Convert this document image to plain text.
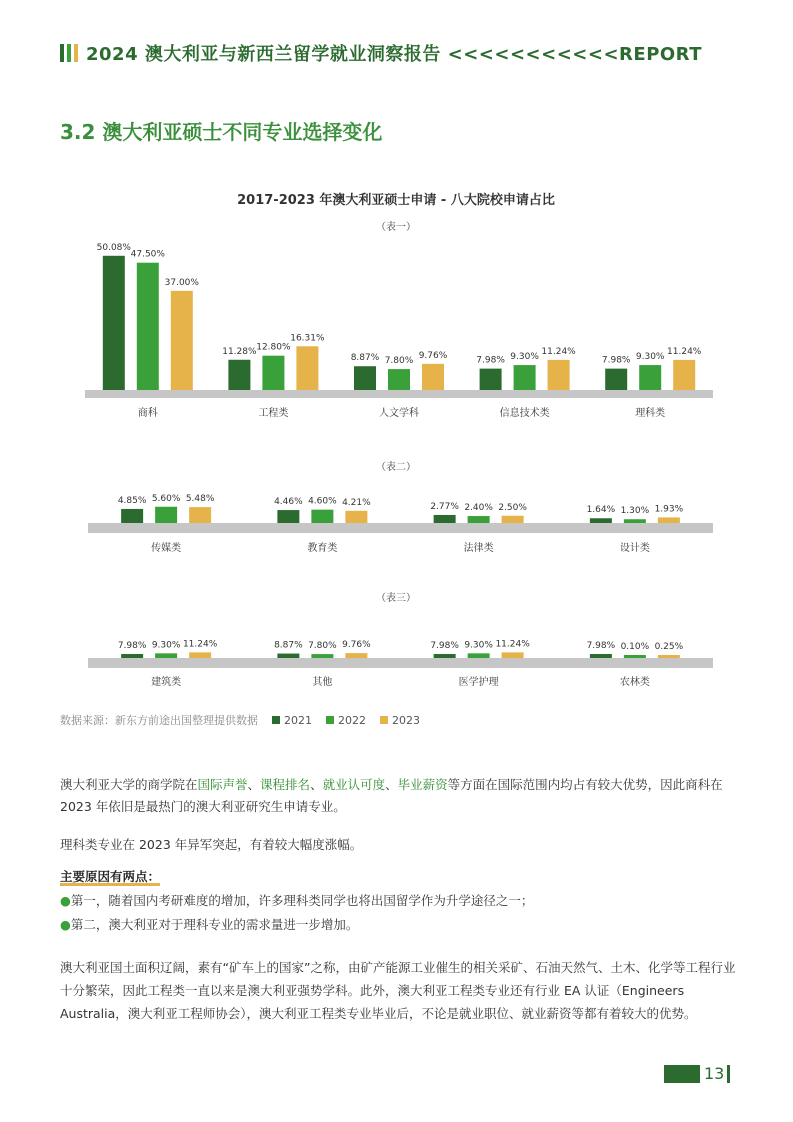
2024 澳大利亚与新西兰留学就业洞察报告 <<<<<<<<<<<REPORT
3.2 澳大利亚硕士不同专业选择变化
2017-2023 年澳大利亚硕士申请 - 八大院校申请占比
（表一）
50.08%
47.50%
37.00%
商科
11.28% 12.80%
16.31%
工程类
8.87% 7.80%
9.76%
人文学科
7.98% 9.30%
11.24%
信息技术类
7.98% 9.30%
11.24%
理科类
（表二）
4.85% 5.60% 5.48%
传媒类
4.46% 4.60% 4.21%
教育类
2.77% 2.40% 2.50%
法律类
1.64% 1.30% 1.93%
设计类
（表三）
7.98% 9.30% 11.24%
建筑类
8.87% 7.80% 9.76%
其他
7.98% 9.30% 11.24%
医学护理
7.98% 0.10% 0.25%
农林类
数据来源：新东方前途出国整理提供数据 2021 2022 2023
澳大利亚大学的商学院在国际声誉、课程排名、就业认可度、毕业薪资等方面在国际范围内均占有较大优势，因此商科在 2023 年依旧是最热门的澳大利亚研究生申请专业。
理科类专业在 2023 年异军突起，有着较大幅度涨幅。
主要原因有两点：
●第一，随着国内考研难度的增加，许多理科类同学也将出国留学作为升学途径之一；
●第二，澳大利亚对于理科专业的需求量进一步增加。
澳大利亚国土面积辽阔，素有“矿车上的国家”之称，由矿产能源工业催生的相关采矿、石油天然气、土木、化学等工程行业十分繁荣，因此工程类一直以来是澳大利亚强势学科。此外，澳大利亚工程类专业还有行业 EA 认证（Engineers Australia，澳大利亚工程师协会），澳大利亚工程类专业毕业后，不论是就业职位、就业薪资等都有着较大的优势。
13
